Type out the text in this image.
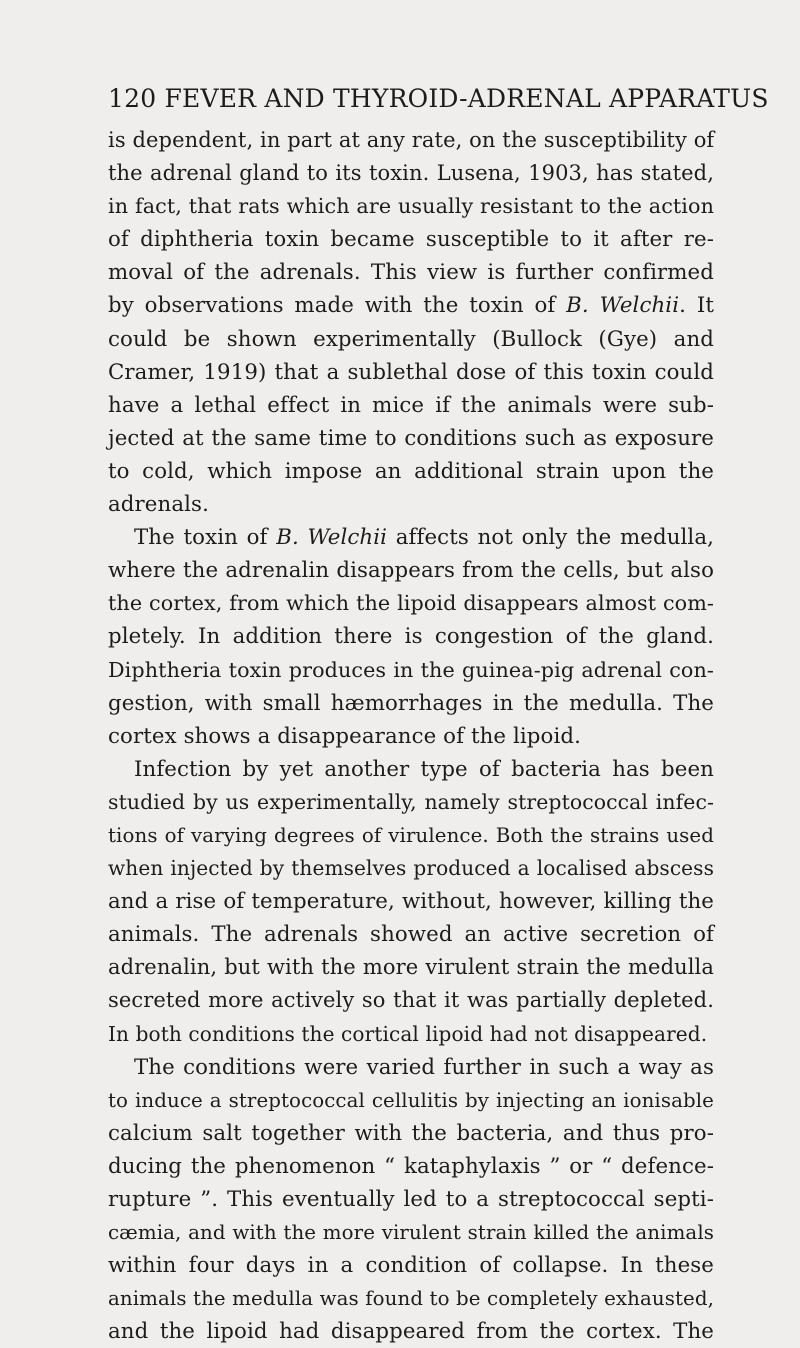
120 FEVER AND THYROID-ADRENAL APPARATUS
is dependent, in part at any rate, on the susceptibility of
the adrenal gland to its toxin. Lusena, 1903, has stated,
in fact, that rats which are usually resistant to the action
of diphtheria toxin became susceptible to it after re-
moval of the adrenals. This view is further confirmed
by observations made with the toxin of B. Welchii. It
could be shown experimentally (Bullock (Gye) and
Cramer, 1919) that a sublethal dose of this toxin could
have a lethal effect in mice if the animals were sub-
jected at the same time to conditions such as exposure
to cold, which impose an additional strain upon the
adrenals.
The toxin of B. Welchii affects not only the medulla,
where the adrenalin disappears from the cells, but also
the cortex, from which the lipoid disappears almost com-
pletely. In addition there is congestion of the gland.
Diphtheria toxin produces in the guinea-pig adrenal con-
gestion, with small hæmorrhages in the medulla. The
cortex shows a disappearance of the lipoid.
Infection by yet another type of bacteria has been
studied by us experimentally, namely streptococcal infec-
tions of varying degrees of virulence. Both the strains used
when injected by themselves produced a localised abscess
and a rise of temperature, without, however, killing the
animals. The adrenals showed an active secretion of
adrenalin, but with the more virulent strain the medulla
secreted more actively so that it was partially depleted.
In both conditions the cortical lipoid had not disappeared.
The conditions were varied further in such a way as
to induce a streptococcal cellulitis by injecting an ionisable
calcium salt together with the bacteria, and thus pro-
ducing the phenomenon “ kataphylaxis ” or “ defence-
rupture ”. This eventually led to a streptococcal septi-
cæmia, and with the more virulent strain killed the animals
within four days in a condition of collapse. In these
animals the medulla was found to be completely exhausted,
and the lipoid had disappeared from the cortex. The
